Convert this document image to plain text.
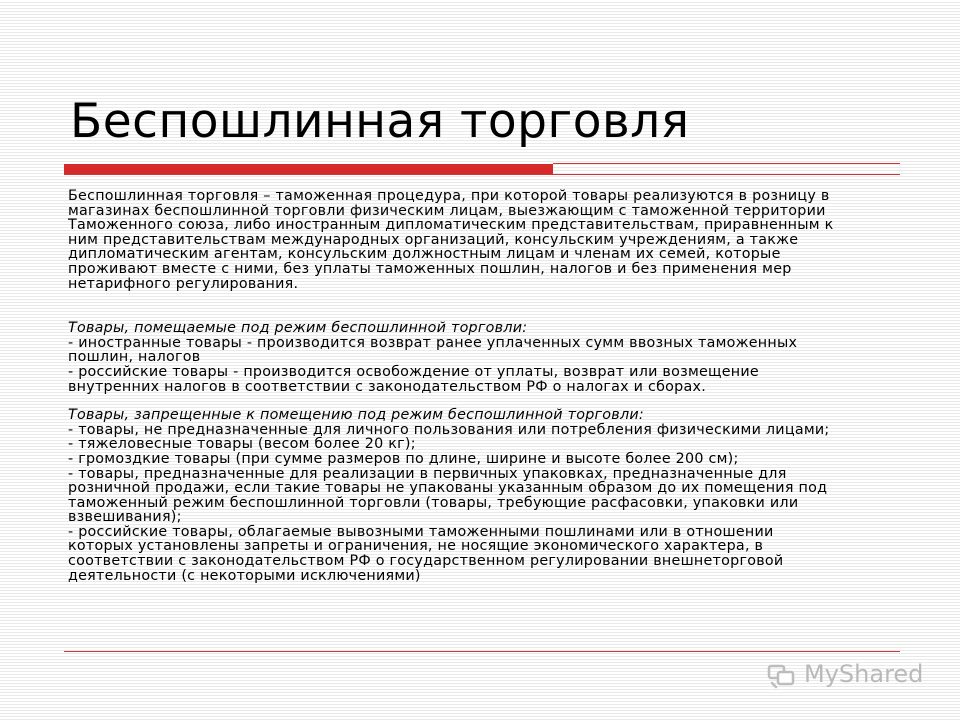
Беспошлинная торговля

Беспошлинная торговля – таможенная процедура, при которой товары реализуются в розницу в
магазинах беспошлинной торговли физическим лицам, выезжающим с таможенной территории
Таможенного союза, либо иностранным дипломатическим представительствам, приравненным к
ним представительствам международных организаций, консульским учреждениям, а также
дипломатическим агентам, консульским должностным лицам и членам их семей, которые
проживают вместе с ними, без уплаты таможенных пошлин, налогов и без применения мер
нетарифного регулирования.

Товары, помещаемые под режим беспошлинной торговли:
- иностранные товары - производится возврат ранее уплаченных сумм ввозных таможенных
пошлин, налогов
- российские товары - производится освобождение от уплаты, возврат или возмещение
внутренних налогов в соответствии с законодательством РФ о налогах и сборах.

Товары, запрещенные к помещению под режим беспошлинной торговли:
- товары, не предназначенные для личного пользования или потребления физическими лицами;
- тяжеловесные товары (весом более 20 кг);
- громоздкие товары (при сумме размеров по длине, ширине и высоте более 200 см);
- товары, предназначенные для реализации в первичных упаковках, предназначенные для
розничной продажи, если такие товары не упакованы указанным образом до их помещения под
таможенный режим беспошлинной торговли (товары, требующие расфасовки, упаковки или
взвешивания);
- российские товары, облагаемые вывозными таможенными пошлинами или в отношении
которых установлены запреты и ограничения, не носящие экономического характера, в
соответствии с законодательством РФ о государственном регулировании внешнеторговой
деятельности (с некоторыми исключениями)

MyShared
